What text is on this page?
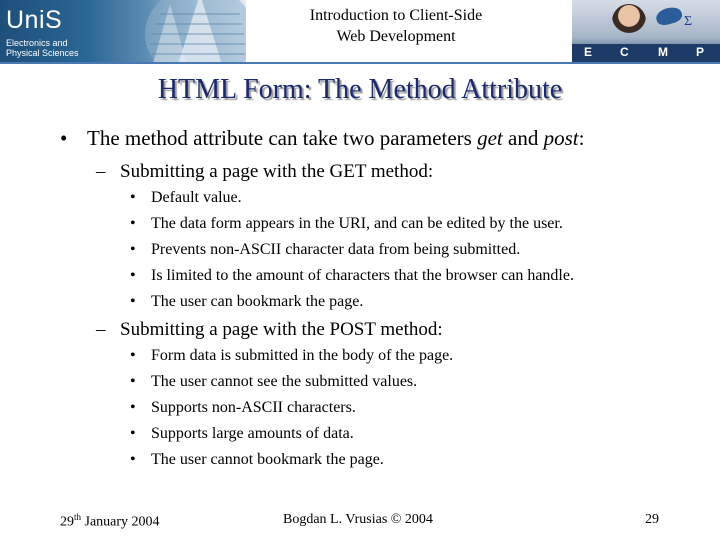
UniS
Electronics and
Physical Sciences
Introduction to Client-Side
Web Development
Σ
E C M P
HTML Form: The Method Attribute
• The method attribute can take two parameters get and post:
– Submitting a page with the GET method:
• Default value.
• The data form appears in the URI, and can be edited by the user.
• Prevents non-ASCII character data from being submitted.
• Is limited to the amount of characters that the browser can handle.
• The user can bookmark the page.
– Submitting a page with the POST method:
• Form data is submitted in the body of the page.
• The user cannot see the submitted values.
• Supports non-ASCII characters.
• Supports large amounts of data.
• The user cannot bookmark the page.
29th January 2004	Bogdan L. Vrusias © 2004	29
